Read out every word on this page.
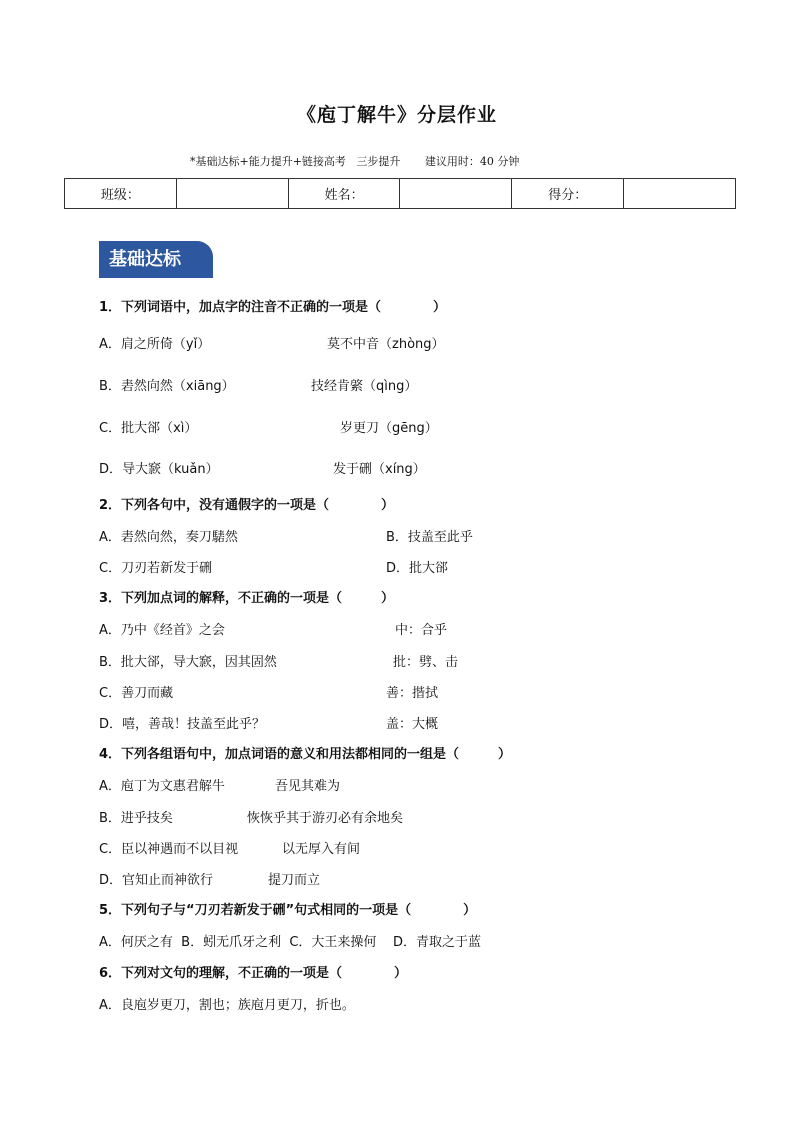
《庖丁解牛》分层作业
*基础达标+能力提升+链接高考   三步提升       建议用时：40 分钟
班级：		姓名：		得分：	
基础达标
1．下列词语中，加点字的注音不正确的一项是（　　　　）
A．肩之所倚（yǐ）	莫不中音（zhòng）
B．砉然向然（xiāng）	技经肯綮（qìng）
C．批大郤（xì）	岁更刀（gēng）
D．导大窾（kuǎn）	发于硎（xíng）
2．下列各句中，没有通假字的一项是（　　　　）
A．砉然向然，奏刀騞然	B．技盖至此乎
C．刀刃若新发于硎	D．批大郤
3．下列加点词的解释，不正确的一项是（　　　）
A．乃中《经首》之会	中：合乎
B．批大郤，导大窾，因其固然	批：劈、击
C．善刀而藏	善：揩拭
D．嘻，善哉！技盖至此乎？	盖：大概
4．下列各组语句中，加点词语的意义和用法都相同的一组是（　　　）
A．庖丁为文惠君解牛	吾见其难为
B．进乎技矣	恢恢乎其于游刃必有余地矣
C．臣以神遇而不以目视	以无厚入有间
D．官知止而神欲行	提刀而立
5．下列句子与“刀刃若新发于硎”句式相同的一项是（　　　　）
A．何厌之有  B．蚓无爪牙之利  C．大王来操何    D．青取之于蓝
6．下列对文句的理解，不正确的一项是（　　　　）
A．良庖岁更刀，割也；族庖月更刀，折也。
